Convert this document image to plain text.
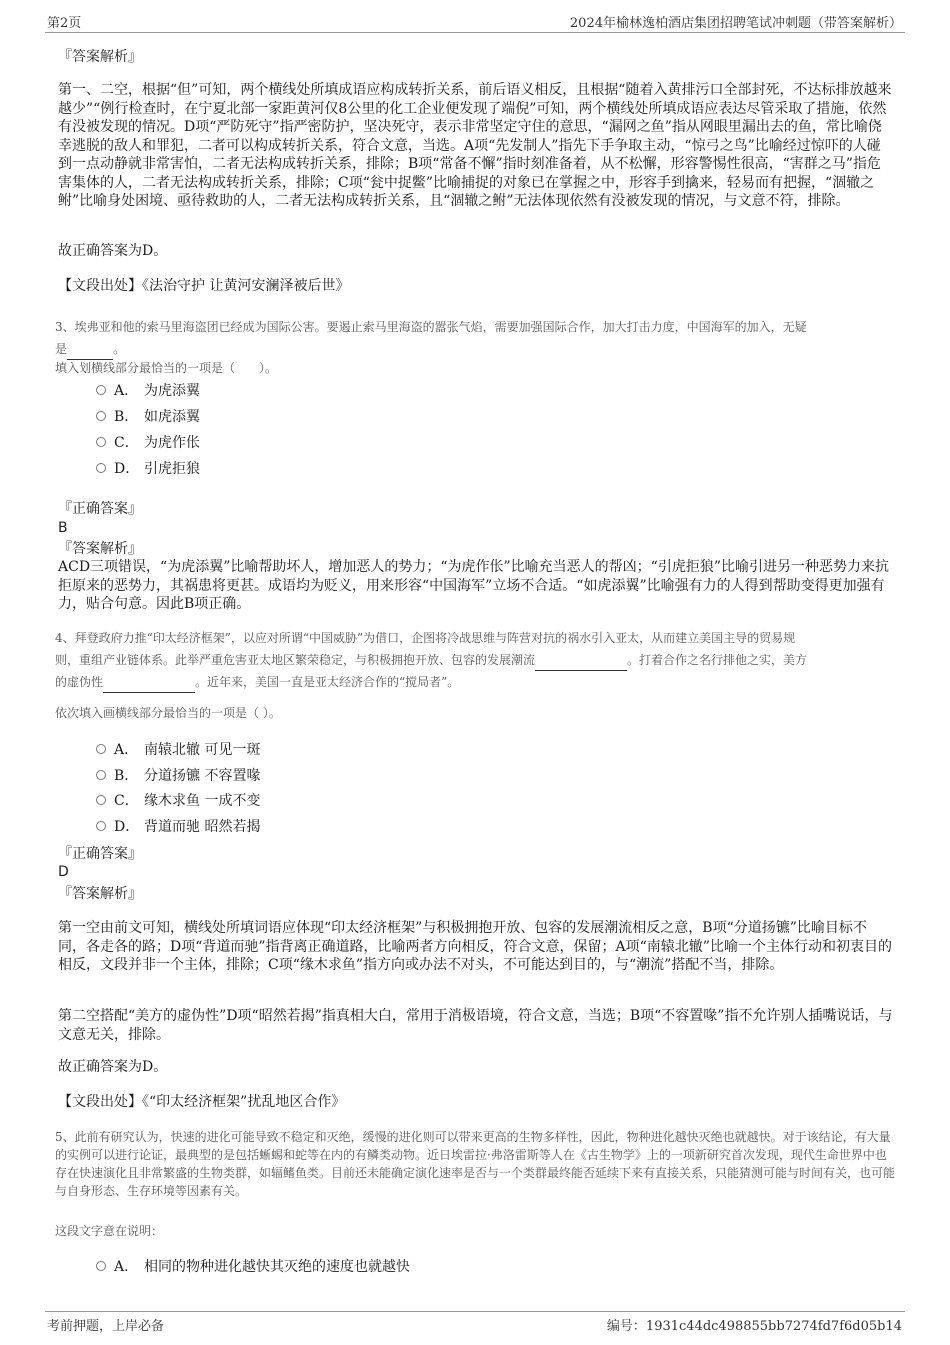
第2页	2024年榆林逸柏酒店集团招聘笔试冲刺题（带答案解析）
『答案解析』
第一、二空，根据“但”可知，两个横线处所填成语应构成转折关系，前后语义相反，且根据“随着入黄排污口全部封死，不达标排放越来越少”“例行检查时，在宁夏北部一家距黄河仅8公里的化工企业便发现了端倪”可知，两个横线处所填成语应表达尽管采取了措施，依然有没被发现的情况。D项“严防死守”指严密防护，坚决死守，表示非常坚定守住的意思，“漏网之鱼”指从网眼里漏出去的鱼，常比喻侥幸逃脱的敌人和罪犯，二者可以构成转折关系，符合文意，当选。A项“先发制人”指先下手争取主动，“惊弓之鸟”比喻经过惊吓的人碰到一点动静就非常害怕，二者无法构成转折关系，排除；B项“常备不懈”指时刻准备着，从不松懈，形容警惕性很高，“害群之马”指危害集体的人，二者无法构成转折关系，排除；C项“瓮中捉鳖”比喻捕捉的对象已在掌握之中，形容手到擒来，轻易而有把握，“涸辙之鲋”比喻身处困境、亟待救助的人，二者无法构成转折关系，且“涸辙之鲋”无法体现依然有没被发现的情况，与文意不符，排除。
故正确答案为D。
【文段出处】《法治守护 让黄河安澜泽被后世》
3、埃弗亚和他的索马里海盗团已经成为国际公害。要遏止索马里海盗的嚣张气焰，需要加强国际合作，加大打击力度，中国海军的加入，无疑
是	。
填入划横线部分最恰当的一项是（　　）。
A． 为虎添翼
B． 如虎添翼
C． 为虎作伥
D． 引虎拒狼
『正确答案』
B
『答案解析』
ACD三项错误，“为虎添翼”比喻帮助坏人，增加恶人的势力；“为虎作伥”比喻充当恶人的帮凶；“引虎拒狼”比喻引进另一种恶势力来抗拒原来的恶势力，其祸患将更甚。成语均为贬义，用来形容“中国海军”立场不合适。“如虎添翼”比喻强有力的人得到帮助变得更加强有力，贴合句意。因此B项正确。
4、拜登政府力推“印太经济框架”，以应对所谓“中国威胁”为借口，企图将冷战思维与阵营对抗的祸水引入亚太，从而建立美国主导的贸易规
则，重组产业链体系。此举严重危害亚太地区繁荣稳定，与积极拥抱开放、包容的发展潮流	。打着合作之名行排他之实，美方
的虚伪性	。近年来，美国一直是亚太经济合作的“搅局者”。
依次填入画横线部分最恰当的一项是（ ）。
A． 南辕北辙 可见一斑
B． 分道扬镳 不容置喙
C． 缘木求鱼 一成不变
D． 背道而驰 昭然若揭
『正确答案』
D
『答案解析』
第一空由前文可知，横线处所填词语应体现“印太经济框架”与积极拥抱开放、包容的发展潮流相反之意，B项“分道扬镳”比喻目标不同，各走各的路；D项“背道而驰”指背离正确道路，比喻两者方向相反，符合文意，保留；A项“南辕北辙”比喻一个主体行动和初衷目的相反，文段并非一个主体，排除；C项“缘木求鱼”指方向或办法不对头，不可能达到目的，与“潮流”搭配不当，排除。
第二空搭配“美方的虚伪性”D项“昭然若揭”指真相大白，常用于消极语境，符合文意，当选；B项“不容置喙”指不允许别人插嘴说话，与文意无关，排除。
故正确答案为D。
【文段出处】《“印太经济框架”扰乱地区合作》
5、此前有研究认为，快速的进化可能导致不稳定和灭绝，缓慢的进化则可以带来更高的生物多样性，因此，物种进化越快灭绝也就越快。对于该结论，有大量的实例可以进行论证，最典型的是包括蜥蜴和蛇等在内的有鳞类动物。近日埃雷拉·弗洛雷斯等人在《古生物学》上的一项新研究首次发现，现代生命世界中也存在快速演化且非常繁盛的生物类群，如辐鳍鱼类。目前还未能确定演化速率是否与一个类群最终能否延续下来有直接关系，只能猜测可能与时间有关，也可能与自身形态、生存环境等因素有关。
这段文字意在说明：
A． 相同的物种进化越快其灭绝的速度也就越快
考前押题，上岸必备	编号：1931c44dc498855bb7274fd7f6d05b14
